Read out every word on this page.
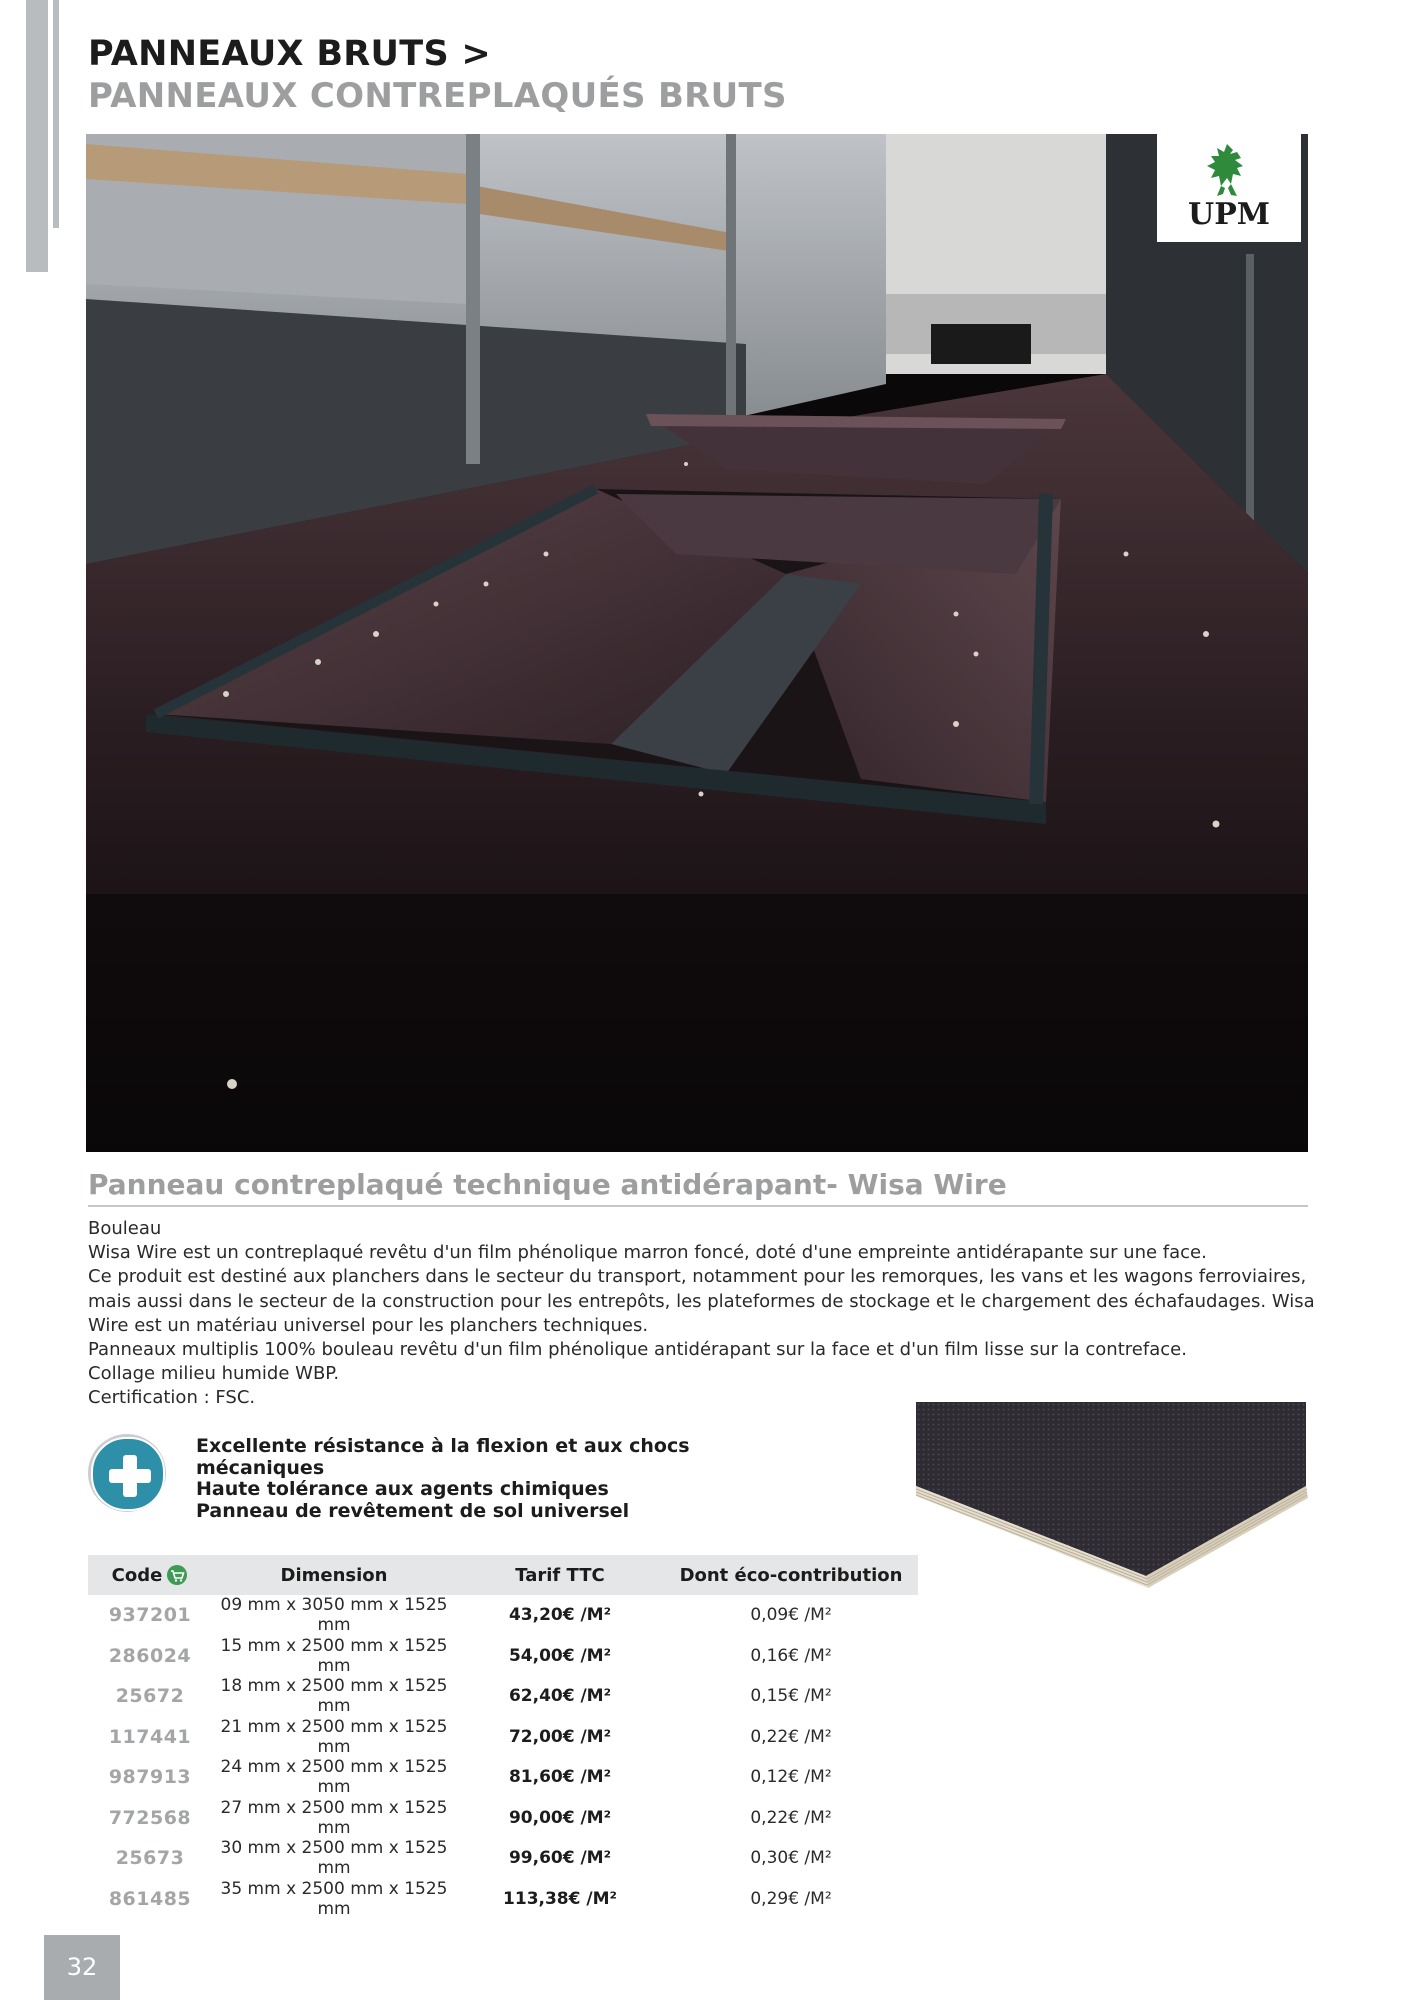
PANNEAUX BRUTS >
PANNEAUX CONTREPLAQUÉS BRUTS
UPM
Panneau contreplaqué technique antidérapant- Wisa Wire
Bouleau
Wisa Wire est un contreplaqué revêtu d'un film phénolique marron foncé, doté d'une empreinte antidérapante sur une face.
Ce produit est destiné aux planchers dans le secteur du transport, notamment pour les remorques, les vans et les wagons ferroviaires, mais aussi dans le secteur de la construction pour les entrepôts, les plateformes de stockage et le chargement des échafaudages. Wisa Wire est un matériau universel pour les planchers techniques.
Panneaux multiplis 100% bouleau revêtu d'un film phénolique antidérapant sur la face et d'un film lisse sur la contreface.
Collage milieu humide WBP.
Certification : FSC.
Excellente résistance à la flexion et aux chocs mécaniques
Haute tolérance aux agents chimiques
Panneau de revêtement de sol universel
Code	Dimension	Tarif TTC	Dont éco-contribution
937201	09 mm x 3050 mm x 1525 mm	43,20€ /M²	0,09€ /M²
286024	15 mm x 2500 mm x 1525 mm	54,00€ /M²	0,16€ /M²
25672	18 mm x 2500 mm x 1525 mm	62,40€ /M²	0,15€ /M²
117441	21 mm x 2500 mm x 1525 mm	72,00€ /M²	0,22€ /M²
987913	24 mm x 2500 mm x 1525 mm	81,60€ /M²	0,12€ /M²
772568	27 mm x 2500 mm x 1525 mm	90,00€ /M²	0,22€ /M²
25673	30 mm x 2500 mm x 1525 mm	99,60€ /M²	0,30€ /M²
861485	35 mm x 2500 mm x 1525 mm	113,38€ /M²	0,29€ /M²
32
